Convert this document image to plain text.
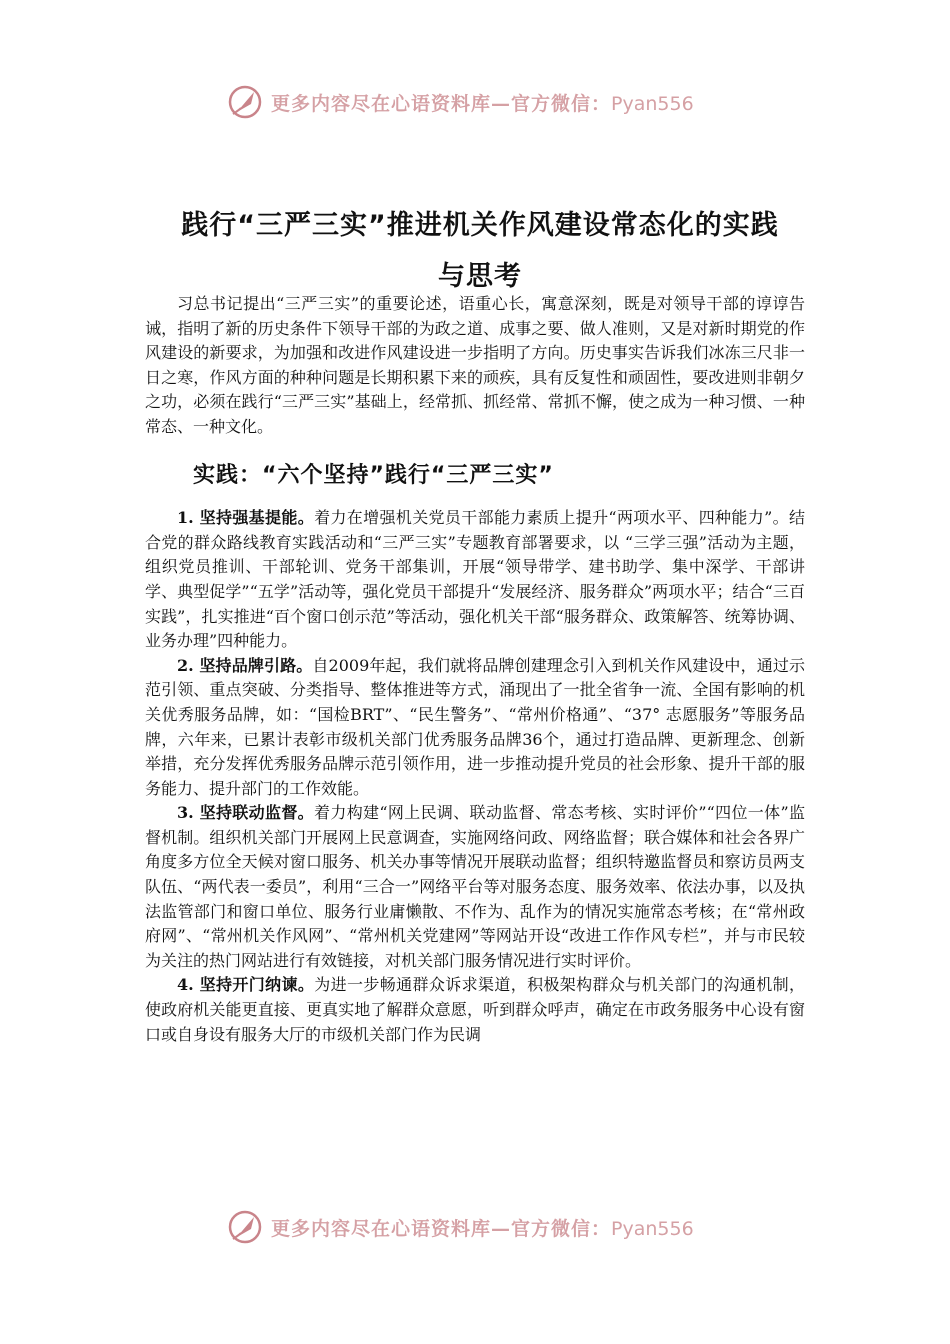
更多内容尽在心语资料库—官方微信：Pyan556
践行“三严三实”推进机关作风建设常态化的实践
与思考

习总书记提出“三严三实”的重要论述，语重心长，寓意深刻，既是对领导干部的谆谆告诫，指明了新的历史条件下领导干部的为政之道、成事之要、做人准则，又是对新时期党的作风建设的新要求，为加强和改进作风建设进一步指明了方向。历史事实告诉我们冰冻三尺非一日之寒，作风方面的种种问题是长期积累下来的顽疾，具有反复性和顽固性，要改进则非朝夕之功，必须在践行“三严三实”基础上，经常抓、抓经常、常抓不懈，使之成为一种习惯、一种常态、一种文化。

实践：“六个坚持”践行“三严三实”

1. 坚持强基提能。着力在增强机关党员干部能力素质上提升“两项水平、四种能力”。结合党的群众路线教育实践活动和“三严三实”专题教育部署要求，以 “三学三强”活动为主题，组织党员推训、干部轮训、党务干部集训，开展“领导带学、建书助学、集中深学、干部讲学、典型促学”“五学”活动等，强化党员干部提升“发展经济、服务群众”两项水平；结合“三百实践”，扎实推进“百个窗口创示范”等活动，强化机关干部“服务群众、政策解答、统筹协调、业务办理”四种能力。

2. 坚持品牌引路。自2009年起，我们就将品牌创建理念引入到机关作风建设中，通过示范引领、重点突破、分类指导、整体推进等方式，涌现出了一批全省争一流、全国有影响的机关优秀服务品牌，如：“国检BRT”、“民生警务”、“常州价格通”、“37° 志愿服务”等服务品牌，六年来，已累计表彰市级机关部门优秀服务品牌36个，通过打造品牌、更新理念、创新举措，充分发挥优秀服务品牌示范引领作用，进一步推动提升党员的社会形象、提升干部的服务能力、提升部门的工作效能。

3. 坚持联动监督。着力构建“网上民调、联动监督、常态考核、实时评价”“四位一体”监督机制。组织机关部门开展网上民意调查，实施网络问政、网络监督；联合媒体和社会各界广角度多方位全天候对窗口服务、机关办事等情况开展联动监督；组织特邀监督员和察访员两支队伍、“两代表一委员”，利用“三合一”网络平台等对服务态度、服务效率、依法办事，以及执法监管部门和窗口单位、服务行业庸懒散、不作为、乱作为的情况实施常态考核；在“常州政府网”、“常州机关作风网”、“常州机关党建网”等网站开设“改进工作作风专栏”，并与市民较为关注的热门网站进行有效链接，对机关部门服务情况进行实时评价。

4. 坚持开门纳谏。为进一步畅通群众诉求渠道，积极架构群众与机关部门的沟通机制，使政府机关能更直接、更真实地了解群众意愿，听到群众呼声，确定在市政务服务中心设有窗口或自身设有服务大厅的市级机关部门作为民调

更多内容尽在心语资料库—官方微信：Pyan556
